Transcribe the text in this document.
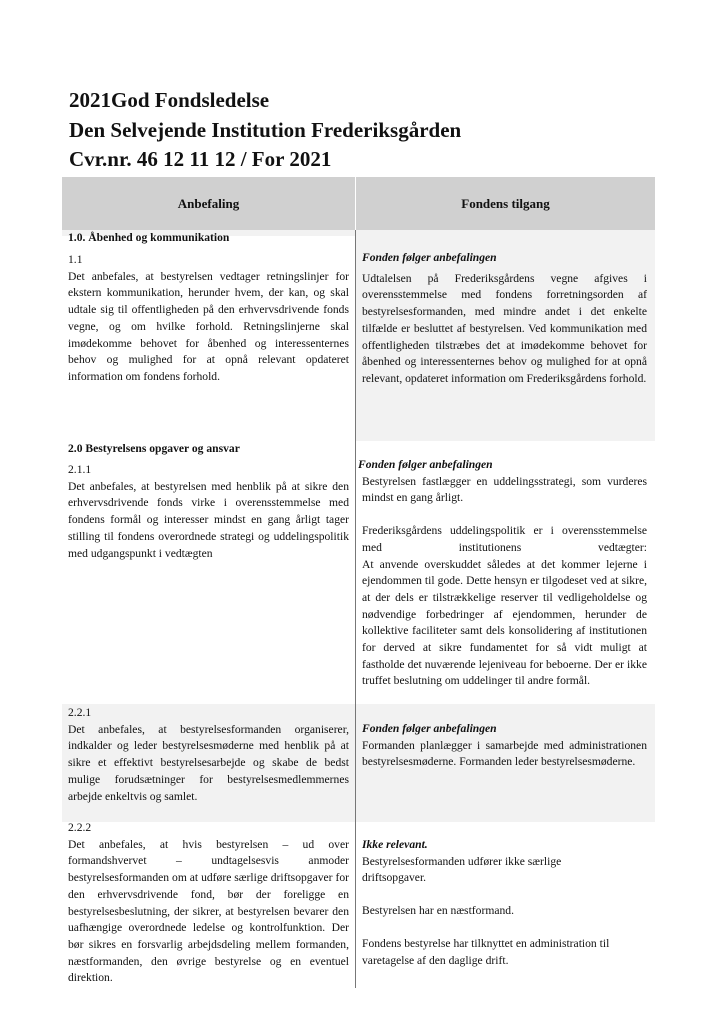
2021God Fondsledelse
Den Selvejende Institution Frederiksgården
Cvr.nr. 46 12 11 12 / For 2021
Anbefaling	Fondens tilgang
1.0. Åbenhed og kommunikation
1.1
Det anbefales, at bestyrelsen vedtager retningslinjer for ekstern kommunikation, herunder hvem, der kan, og skal udtale sig til offentligheden på den erhvervsdrivende fonds vegne, og om hvilke forhold. Retningslinjerne skal imødekomme behovet for åbenhed og interessenternes behov og mulighed for at opnå relevant opdateret information om fondens forhold.
Fonden følger anbefalingen
Udtalelsen på Frederiksgårdens vegne afgives i overensstemmelse med fondens forretningsorden af bestyrelsesformanden, med mindre andet i det enkelte tilfælde er besluttet af bestyrelsen. Ved kommunikation med offentligheden tilstræbes det at imødekomme behovet for åbenhed og interessenternes behov og mulighed for at opnå relevant, opdateret information om Frederiksgårdens forhold.
2.0 Bestyrelsens opgaver og ansvar
2.1.1
Det anbefales, at bestyrelsen med henblik på at sikre den erhvervsdrivende fonds virke i overensstemmelse med fondens formål og interesser mindst en gang årligt tager stilling til fondens overordnede strategi og uddelingspolitik med udgangspunkt i vedtægten
Fonden følger anbefalingen
Bestyrelsen fastlægger en uddelingsstrategi, som vurderes mindst en gang årligt.
Frederiksgårdens uddelingspolitik er i overensstemmelse med institutionens vedtægter:
At anvende overskuddet således at det kommer lejerne i ejendommen til gode. Dette hensyn er tilgodeset ved at sikre, at der dels er tilstrækkelige reserver til vedligeholdelse og nødvendige forbedringer af ejendommen, herunder de kollektive faciliteter samt dels konsolidering af institutionen for derved at sikre fundamentet for så vidt muligt at fastholde det nuværende lejeniveau for beboerne. Der er ikke truffet beslutning om uddelinger til andre formål.
2.2.1
Det anbefales, at bestyrelsesformanden organiserer, indkalder og leder bestyrelsesmøderne med henblik på at sikre et effektivt bestyrelsesarbejde og skabe de bedst mulige forudsætninger for bestyrelsesmedlemmernes arbejde enkeltvis og samlet.
Fonden følger anbefalingen
Formanden planlægger i samarbejde med administrationen bestyrelsesmøderne. Formanden leder bestyrelsesmøderne.
2.2.2
Det anbefales, at hvis bestyrelsen – ud over formandshvervet – undtagelsesvis anmoder bestyrelsesformanden om at udføre særlige driftsopgaver for den erhvervsdrivende fond, bør der foreligge en bestyrelsesbeslutning, der sikrer, at bestyrelsen bevarer den uafhængige overordnede ledelse og kontrolfunktion. Der bør sikres en forsvarlig arbejdsdeling mellem formanden, næstformanden, den øvrige bestyrelse og en eventuel direktion.
Ikke relevant.
Bestyrelsesformanden udfører ikke særlige driftsopgaver.
Bestyrelsen har en næstformand.
Fondens bestyrelse har tilknyttet en administration til varetagelse af den daglige drift.
